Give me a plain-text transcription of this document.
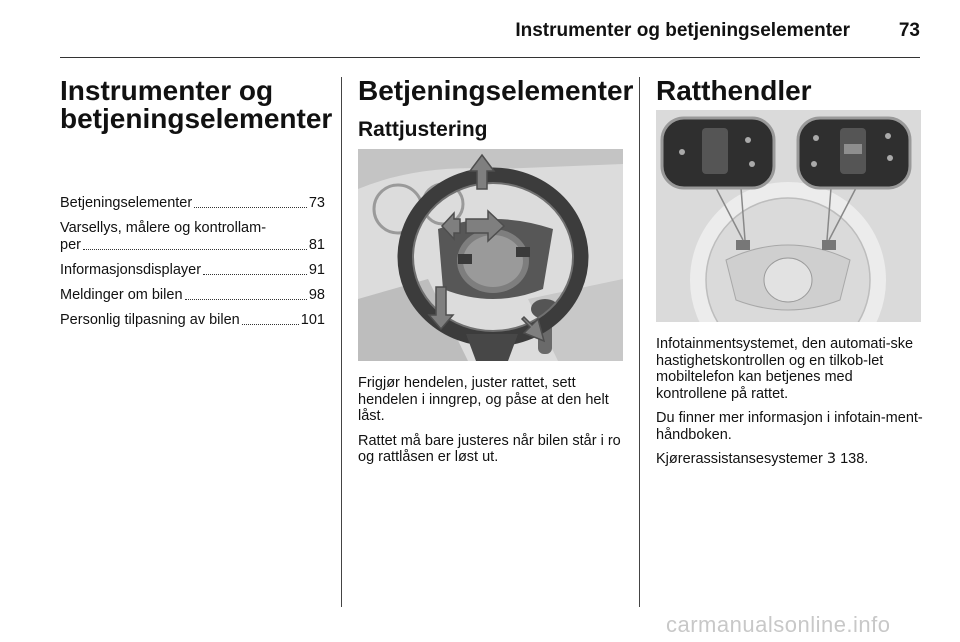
Instrumenter og betjeningselementer	73
Instrumenter og
betjeningselementer
Betjeningselementer	73
Varsellys, målere og kontrollam-
per	81
Informasjonsdisplayer	91
Meldinger om bilen	98
Personlig tilpasning av bilen	101
Betjeningselementer
Rattjustering

Frigjør hendelen, juster rattet, sett hendelen i inngrep, og påse at den helt låst.

Rattet må bare justeres når bilen står i ro og rattlåsen er løst ut.

Ratthendler

Infotainmentsystemet, den automati-ske hastighetskontrollen og en tilkob-let mobiltelefon kan betjenes med kontrollene på rattet.

Du finner mer informasjon i infotain-ment-håndboken.

Kjørerassistansesystemer 3 138.

carmanualsonline.info
